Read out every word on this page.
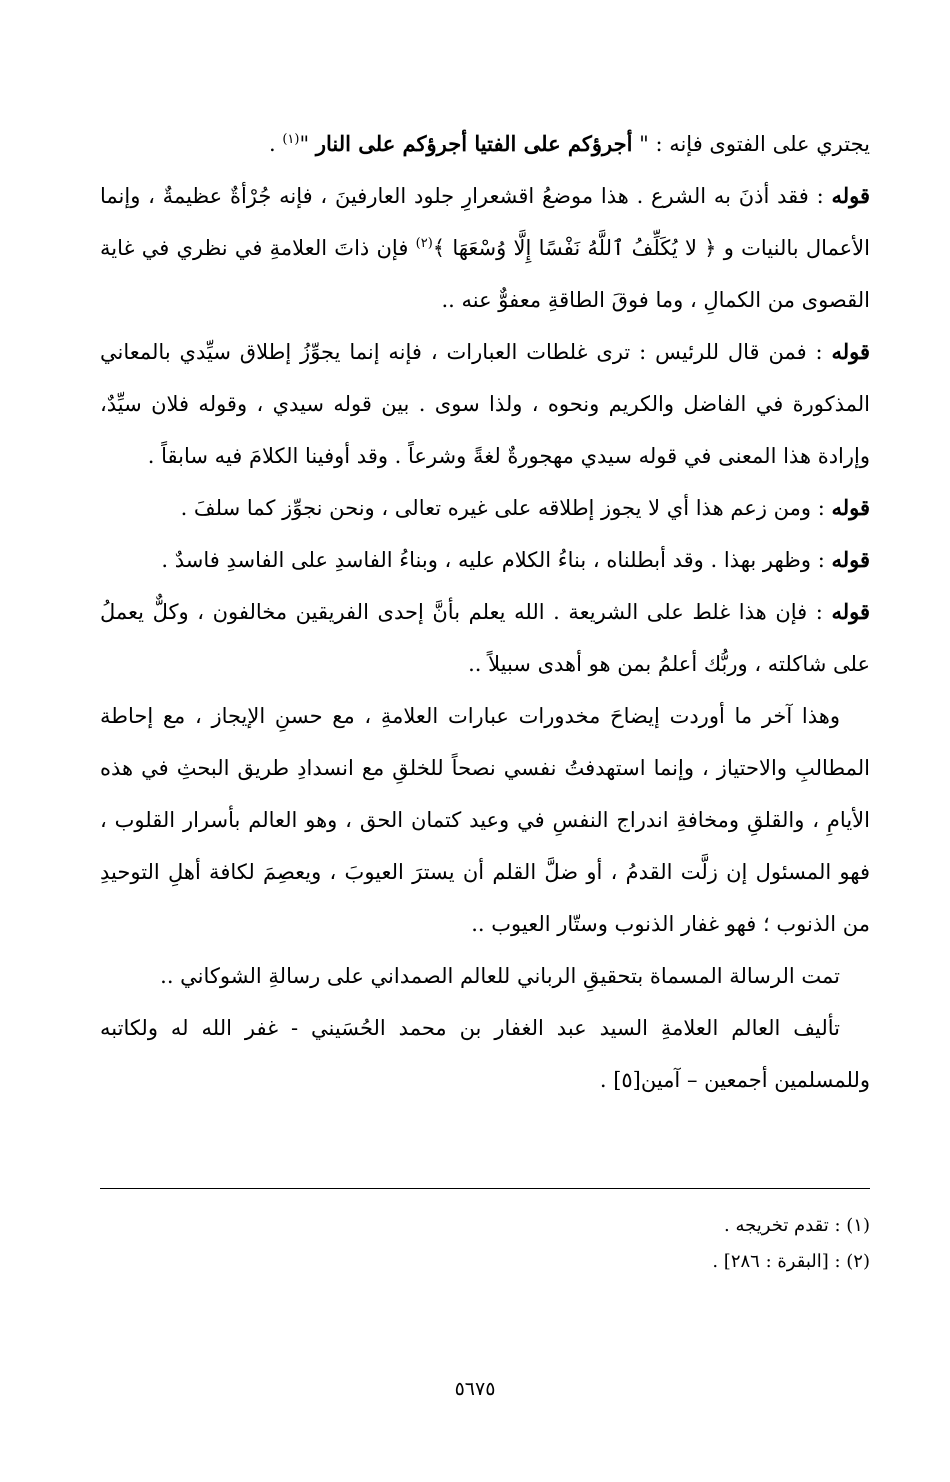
يجتري على الفتوى فإنه : " أجرؤكم على الفتيا أجرؤكم على النار "$^{(١)}$ .

قوله : فقد أذنَ به الشرع . هذا موضعُ اقشعرارِ جلود العارفينَ ، فإنه جُرْأةٌ عظيمةٌ ، وإنما الأعمال بالنيات و ﴿ لا يُكَلِّفُ ٱللَّهُ نَفْسًا إِلَّا وُسْعَهَا ﴾$^{(٢)}$ فإن ذاتَ العلامةِ في نظري في غاية القصوى من الكمالِ ، وما فوقَ الطاقةِ معفوٌّ عنه ..

قوله : فمن قال للرئيس : ترى غلطات العبارات ، فإنه إنما يجوِّزُ إطلاق سيِّدي بالمعاني المذكورة في الفاضل والكريم ونحوه ، ولذا سوى . بين قوله سيدي ، وقوله فلان سيِّدٌ، وإرادة هذا المعنى في قوله سيدي مهجورةٌ لغةً وشرعاً . وقد أوفينا الكلامَ فيه سابقاً .

قوله : ومن زعم هذا أي لا يجوز إطلاقه على غيره تعالى ، ونحن نجوِّز كما سلفَ .

قوله : وظهر بهذا . وقد أبطلناه ، بناءُ الكلام عليه ، وبناءُ الفاسدِ على الفاسدِ فاسدٌ .

قوله : فإن هذا غلط على الشريعة . الله يعلم بأنَّ إحدى الفريقين مخالفون ، وكلٌّ يعملُ على شاكلته ، وربُّك أعلمُ بمن هو أهدى سبيلاً ..

وهذا آخر ما أوردت إيضاحَ مخدورات عبارات العلامةِ ، مع حسنِ الإيجاز ، مع إحاطة المطالبِ والاحتياز ، وإنما استهدفتُ نفسي نصحاً للخلقِ مع انسدادِ طريق البحثِ في هذه الأيامِ ، والقلقِ ومخافةِ اندراج النفسِ في وعيد كتمان الحق ، وهو العالم بأسرار القلوب ، فهو المسئول إن زلَّت القدمُ ، أو ضلَّ القلم أن يسترَ العيوبَ ، ويعصِمَ لكافة أهلِ التوحيدِ من الذنوب ؛ فهو غفار الذنوب وستّار العيوب ..

تمت الرسالة المسماة بتحقيقِ الرباني للعالم الصمداني على رسالةِ الشوكاني ..

تأليف العالم العلامةِ السيد عبد الغفار بن محمد الحُسَيني - غفر الله له ولكاتبه وللمسلمين أجمعين – آمين[٥] .

(١) : تقدم تخريجه .

(٢) : [البقرة : ٢٨٦] .

٥٦٧٥
